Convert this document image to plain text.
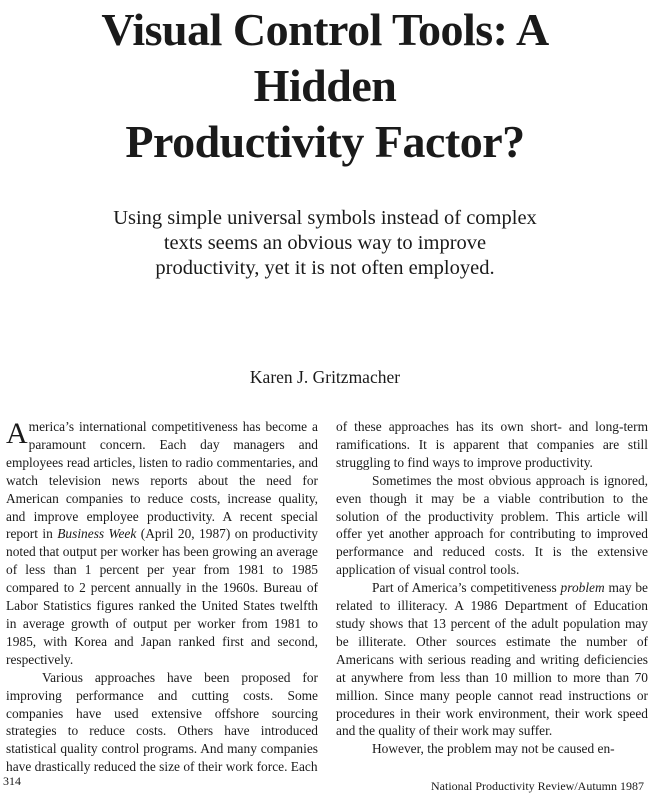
Visual Control Tools: A
Hidden
Productivity Factor?

Using simple universal symbols instead of complex
texts seems an obvious way to improve
productivity, yet it is not often employed.

Karen J. Gritzmacher

America’s international competitiveness has become a paramount concern. Each day managers and employees read articles, listen to radio commentaries, and watch television news reports about the need for American companies to reduce costs, increase quality, and improve employee productivity. A recent special report in Business Week (April 20, 1987) on productivity noted that output per worker has been growing an average of less than 1 percent per year from 1981 to 1985 compared to 2 percent annually in the 1960s. Bureau of Labor Statistics figures ranked the United States twelfth in average growth of output per worker from 1981 to 1985, with Korea and Japan ranked first and second, respectively.

Various approaches have been proposed for improving performance and cutting costs. Some companies have used extensive offshore sourcing strategies to reduce costs. Others have introduced statistical quality control programs. And many companies have drastically reduced the size of their work force. Each

of these approaches has its own short- and long-term ramifications. It is apparent that companies are still struggling to find ways to improve productivity.

Sometimes the most obvious approach is ignored, even though it may be a viable contribution to the solution of the productivity problem. This article will offer yet another approach for contributing to improved performance and reduced costs. It is the extensive application of visual control tools.

Part of America’s competitiveness problem may be related to illiteracy. A 1986 Department of Education study shows that 13 percent of the adult population may be illiterate. Other sources estimate the number of Americans with serious reading and writing deficiencies at anywhere from less than 10 million to more than 70 million. Since many people cannot read instructions or procedures in their work environment, their work speed and the quality of their work may suffer.

However, the problem may not be caused en-

314	National Productivity Review/Autumn 1987
